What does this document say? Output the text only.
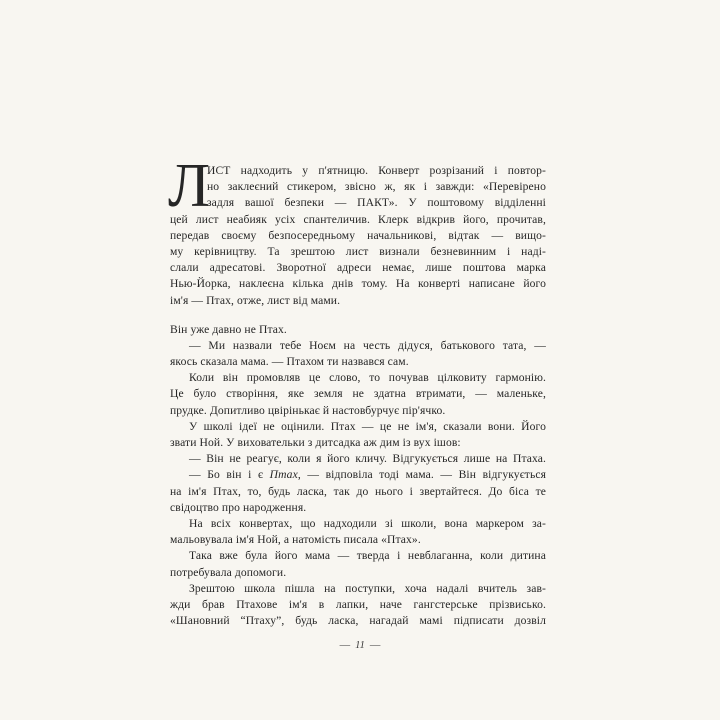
Л
ИСТ надходить у п'ятницю. Конверт розрізаний і повтор-
но заклеєний стикером, звісно ж, як і завжди: «Перевірено
задля вашої безпеки — ПАКТ». У поштовому відділенні
цей лист неабияк усіх спантеличив. Клерк відкрив його, прочитав,
передав своєму безпосередньому начальникові, відтак — вищо-
му керівництву. Та зрештою лист визнали безневинним і наді-
слали адресатові. Зворотної адреси немає, лише поштова марка
Нью-Йорка, наклеєна кілька днів тому. На конверті написане його
ім'я — Птах, отже, лист від мами.
Він уже давно не Птах.
— Ми назвали тебе Ноєм на честь дідуся, батькового тата, —
якось сказала мама. — Птахом ти назвався сам.
Коли він промовляв це слово, то почував цілковиту гармонію.
Це було створіння, яке земля не здатна втримати, — маленьке,
прудке. Допитливо цвірінькає й настовбурчує пір'ячко.
У школі ідеї не оцінили. Птах — це не ім'я, сказали вони. Його
звати Ной. У виховательки з дитсадка аж дим із вух ішов:
— Він не реагує, коли я його кличу. Відгукується лише на Птаха.
— Бо він і є Птах, — відповіла тоді мама. — Він відгукується
на ім'я Птах, то, будь ласка, так до нього і звертайтеся. До біса те
свідоцтво про народження.
На всіх конвертах, що надходили зі школи, вона маркером за-
мальовувала ім'я Ной, а натомість писала «Птах».
Така вже була його мама — тверда і невблаганна, коли дитина
потребувала допомоги.
Зрештою школа пішла на поступки, хоча надалі вчитель зав-
жди брав Птахове ім'я в лапки, наче гангстерське прізвисько.
«Шановний “Птаху”, будь ласка, нагадай мамі підписати дозвіл
— 11 —
